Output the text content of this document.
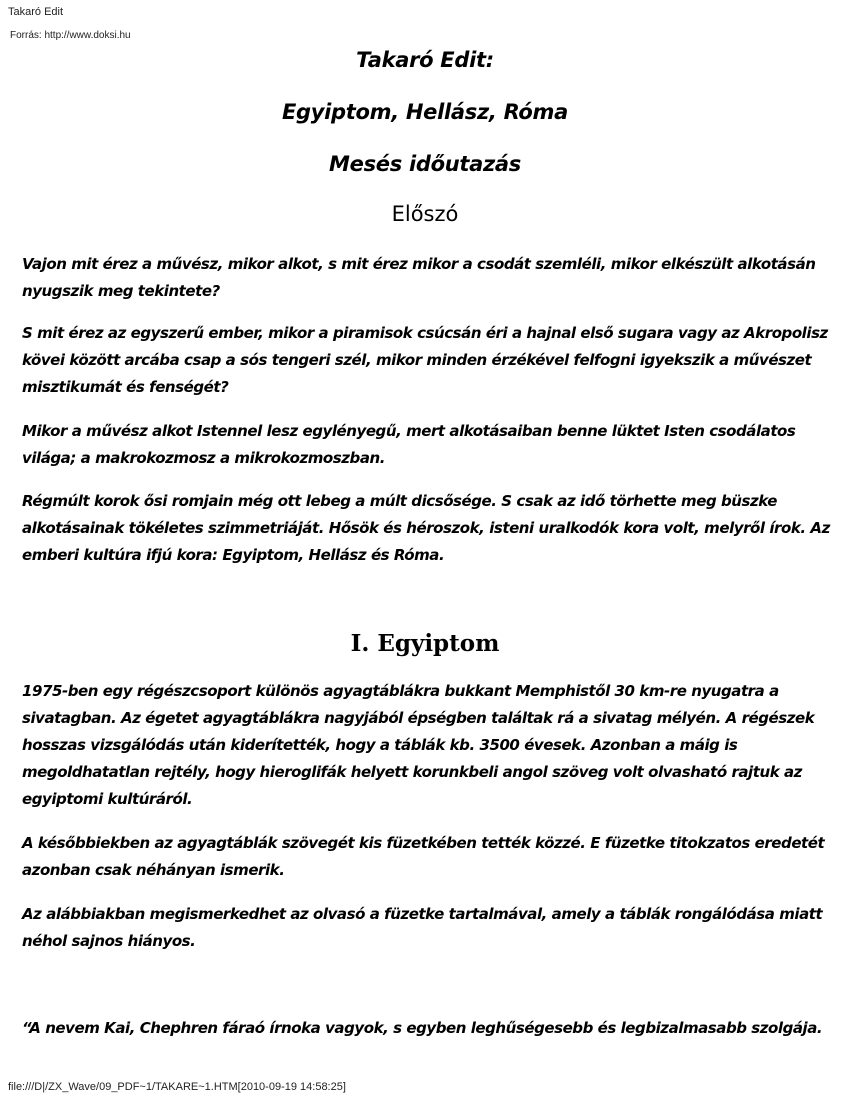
Takaró Edit
Forrás: http://www.doksi.hu
Takaró Edit:
Egyiptom, Hellász, Róma
Mesés időutazás
Előszó

Vajon mit érez a művész, mikor alkot, s mit érez mikor a csodát szemléli, mikor elkészült alkotásán nyugszik meg tekintete?

S mit érez az egyszerű ember, mikor a piramisok csúcsán éri a hajnal első sugara vagy az Akropolisz kövei között arcába csap a sós tengeri szél, mikor minden érzékével felfogni igyekszik a művészet misztikumát és fenségét?

Mikor a művész alkot Istennel lesz egylényegű, mert alkotásaiban benne lüktet Isten csodálatos világa; a makrokozmosz a mikrokozmoszban.

Régmúlt korok ősi romjain még ott lebeg a múlt dicsősége. S csak az idő törhette meg büszke alkotásainak tökéletes szimmetriáját. Hősök és héroszok, isteni uralkodók kora volt, melyről írok. Az emberi kultúra ifjú kora: Egyiptom, Hellász és Róma.

I. Egyiptom

1975-ben egy régészcsoport különös agyagtáblákra bukkant Memphistől 30 km-re nyugatra a sivatagban. Az égetet agyagtáblákra nagyjából épségben találtak rá a sivatag mélyén. A régészek hosszas vizsgálódás után kiderítették, hogy a táblák kb. 3500 évesek. Azonban a máig is megoldhatatlan rejtély, hogy hieroglifák helyett korunkbeli angol szöveg volt olvasható rajtuk az egyiptomi kultúráról.

A későbbiekben az agyagtáblák szövegét kis füzetkében tették közzé. E füzetke titokzatos eredetét azonban csak néhányan ismerik.

Az alábbiakban megismerkedhet az olvasó a füzetke tartalmával, amely a táblák rongálódása miatt néhol sajnos hiányos.

“A nevem Kai, Chephren fáraó írnoka vagyok, s egyben leghűségesebb és legbizalmasabb szolgája.

file:///D|/ZX_Wave/09_PDF~1/TAKARE~1.HTM[2010-09-19 14:58:25]
